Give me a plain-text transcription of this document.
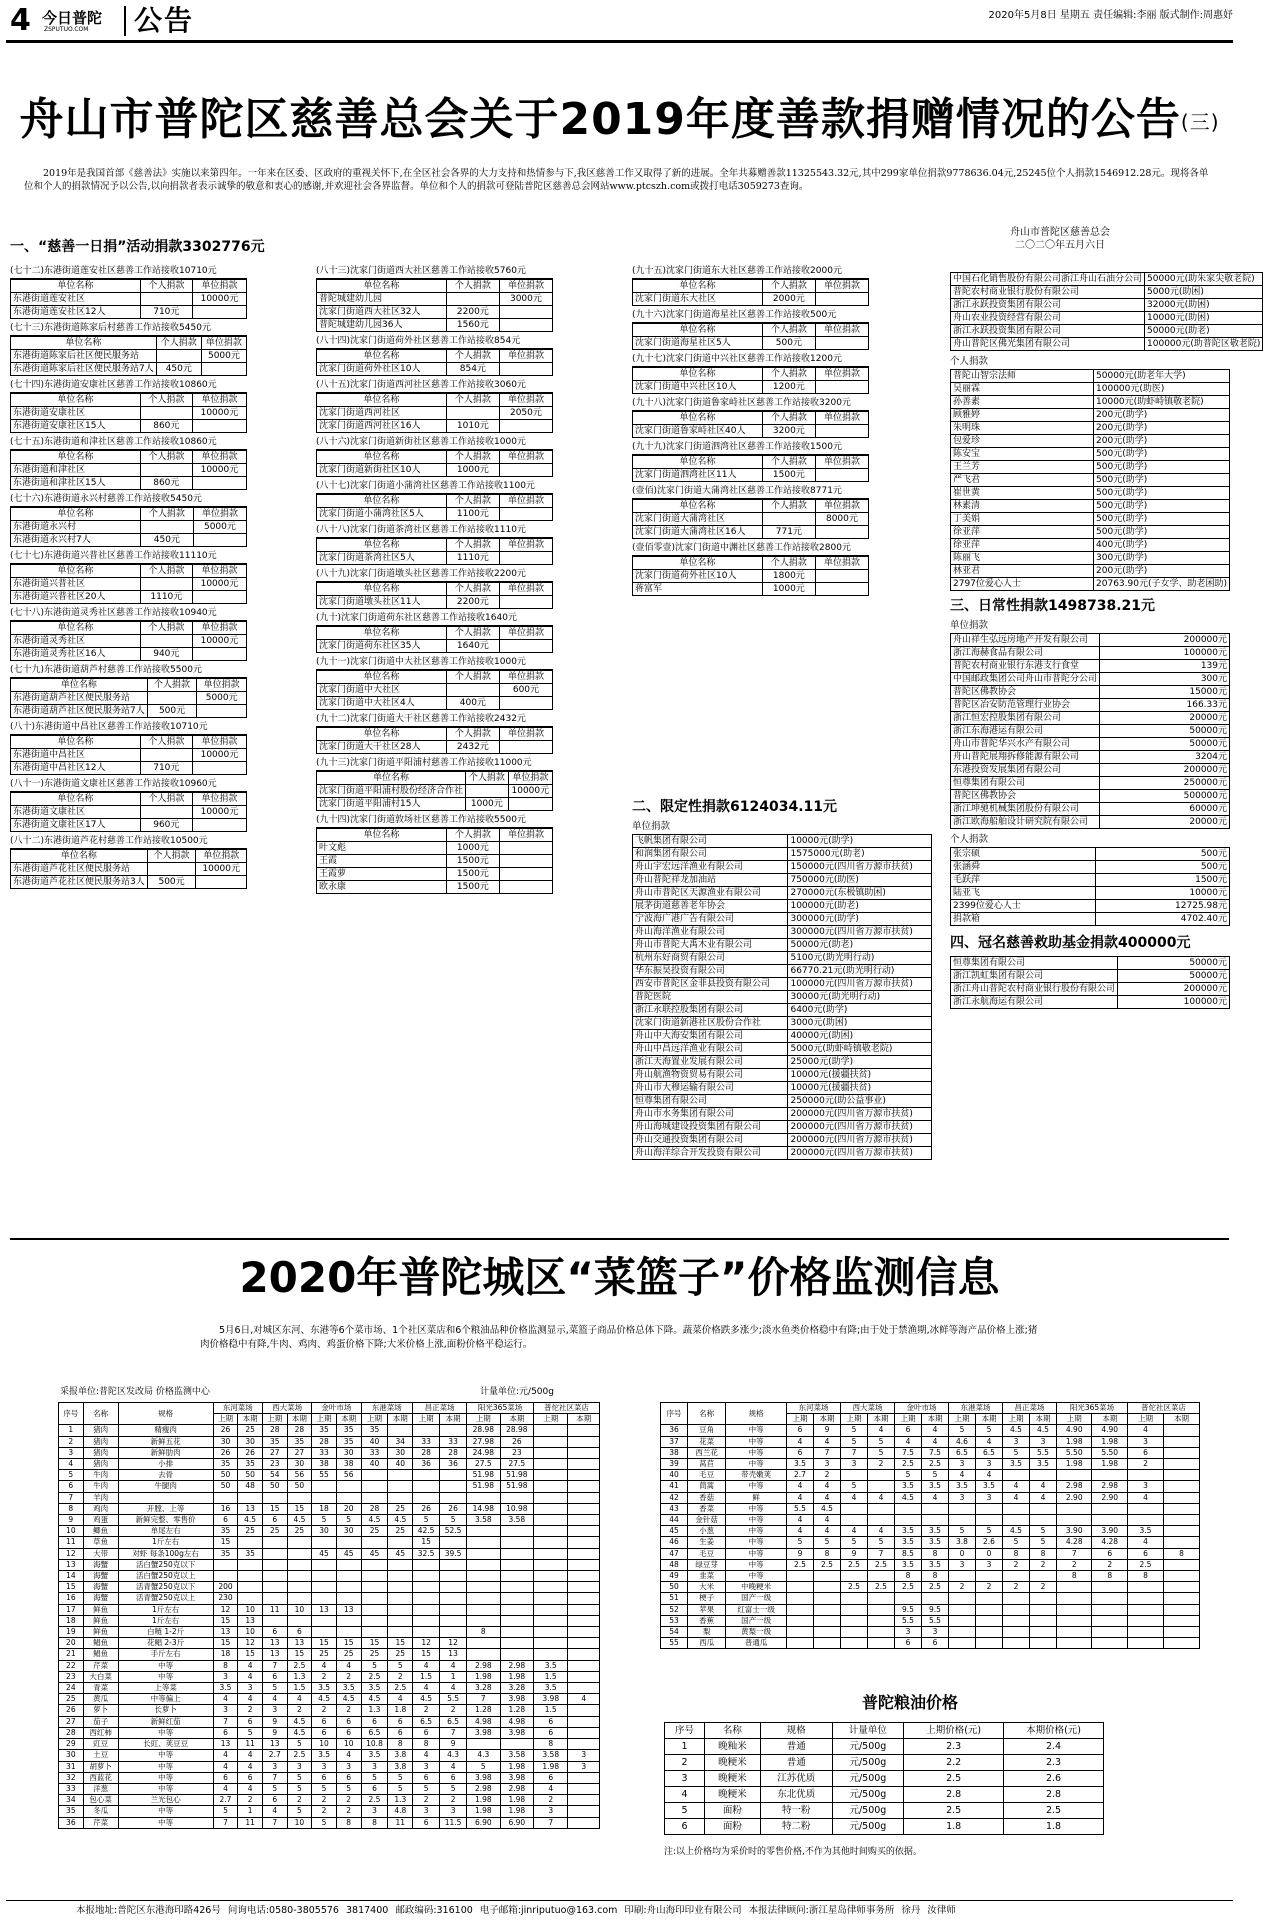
4 今日普陀
ZSPUTUO.COM 公告	2020年5月8日 星期五 责任编辑:李丽 版式制作:周惠妤
舟山市普陀区慈善总会关于2019年度善款捐赠情况的公告(三)
2019年是我国首部《慈善法》实施以来第四年。一年来在区委、区政府的重视关怀下,在全区社会各界的大力支持和热情参与下,我区慈善工作又取得了新的进展。全年共募赠善款11325543.32元,其中299家单位捐款9778636.04元,25245位个人捐款1546912.28元。现将各单位和个人的捐款情况予以公告,以向捐款者表示诚挚的敬意和衷心的感谢,并欢迎社会各界监督。单位和个人的捐款可登陆普陀区慈善总会网站www.ptcszh.com或拨打电话3059273查询。
一、“慈善一日捐”活动捐款3302776元
舟山市普陀区慈善总会
二〇二〇年五月六日
(七十二)东港街道莲安社区慈善工作站接收10710元
单位名称	个人捐款	单位捐款
东港街道莲安社区		10000元
东港街道莲安社区12人	710元	
(七十三)东港街道陈家后村慈善工作站接收5450元
单位名称	个人捐款	单位捐款
东港街道陈家后社区便民服务站		5000元
东港街道陈家后社区便民服务站7人	450元	
(七十四)东港街道安康社区慈善工作站接收10860元
单位名称	个人捐款	单位捐款
东港街道安康社区		10000元
东港街道安康社区15人	860元	
(七十五)东港街道和津社区慈善工作站接收10860元
单位名称	个人捐款	单位捐款
东港街道和津社区		10000元
东港街道和津社区15人	860元	
(七十六)东港街道永兴村慈善工作站接收5450元
单位名称	个人捐款	单位捐款
东港街道永兴村		5000元
东港街道永兴村7人	450元	
(七十七)东港街道兴普社区慈善工作站接收11110元
单位名称	个人捐款	单位捐款
东港街道兴普社区		10000元
东港街道兴普社区20人	1110元	
(七十八)东港街道灵秀社区慈善工作站接收10940元
单位名称	个人捐款	单位捐款
东港街道灵秀社区		10000元
东港街道灵秀社区16人	940元	
(七十九)东港街道葫芦村慈善工作站接收5500元
单位名称	个人捐款	单位捐款
东港街道葫芦社区便民服务站		5000元
东港街道葫芦社区便民服务站7人	500元	
(八十)东港街道中昌社区慈善工作站接收10710元
单位名称	个人捐款	单位捐款
东港街道中昌社区		10000元
东港街道中昌社区12人	710元	
(八十一)东港街道文康社区慈善工作站接收10960元
单位名称	个人捐款	单位捐款
东港街道文康社区		10000元
东港街道文康社区17人	960元	
(八十二)东港街道芦花村慈善工作站接收10500元
单位名称	个人捐款	单位捐款
东港街道芦花社区便民服务站		10000元
东港街道芦花社区便民服务站3人	500元	
(八十三)沈家门街道西大社区慈善工作站接收5760元
单位名称	个人捐款	单位捐款
普陀城建幼儿园		3000元
沈家门街道西大社区32人	2200元	
普陀城建幼儿园36人	1560元	
(八十四)沈家门街道荷外社区慈善工作站接收854元
单位名称	个人捐款	单位捐款
沈家门街道荷外社区10人	854元	
(八十五)沈家门街道西河社区慈善工作站接收3060元
单位名称	个人捐款	单位捐款
沈家门街道西河社区		2050元
沈家门街道西河社区16人	1010元	
(八十六)沈家门街道新街社区慈善工作站接收1000元
单位名称	个人捐款	单位捐款
沈家门街道新街社区10人	1000元	
(八十七)沈家门街道小蒲湾社区慈善工作站接收1100元
单位名称	个人捐款	单位捐款
沈家门街道小蒲湾社区5人	1100元	
(八十八)沈家门街道茶湾社区慈善工作站接收1110元
单位名称	个人捐款	单位捐款
沈家门街道茶湾社区5人	1110元	
(八十九)沈家门街道墩头社区慈善工作站接收2200元
单位名称	个人捐款	单位捐款
沈家门街道墩头社区11人	2200元	
(九十)沈家门街道荷东社区慈善工作站接收1640元
单位名称	个人捐款	单位捐款
沈家门街道荷东社区35人	1640元	
(九十一)沈家门街道中大社区慈善工作站接收1000元
单位名称	个人捐款	单位捐款
沈家门街道中大社区		600元
沈家门街道中大社区4人	400元	
(九十二)沈家门街道大干社区慈善工作站接收2432元
单位名称	个人捐款	单位捐款
沈家门街道大干社区28人	2432元	
(九十三)沈家门街道平阳浦村慈善工作站接收11000元
单位名称	个人捐款	单位捐款
沈家门街道平阳浦村股份经济合作社		10000元
沈家门街道平阳浦村15人	1000元	
(九十四)沈家门街道敦场社区慈善工作站接收5500元
单位名称	个人捐款	单位捐款
叶文彪	1000元	
王霞	1500元	
王霞萝	1500元	
欧永康	1500元	
(九十五)沈家门街道东大社区慈善工作站接收2000元
单位名称	个人捐款	单位捐款
沈家门街道东大社区	2000元	
(九十六)沈家门街道海星社区慈善工作站接收500元
单位名称	个人捐款	单位捐款
沈家门街道海星社区5人	500元	
(九十七)沈家门街道中兴社区慈善工作站接收1200元
单位名称	个人捐款	单位捐款
沈家门街道中兴社区10人	1200元	
(九十八)沈家门街道鲁家峙社区慈善工作站接收3200元
单位名称	个人捐款	单位捐款
沈家门街道鲁家峙社区40人	3200元	
(九十九)沈家门街道泗湾社区慈善工作站接收1500元
单位名称	个人捐款	单位捐款
沈家门街道泗湾社区11人	1500元	
(壹佰)沈家门街道大蒲湾社区慈善工作站接收8771元
单位名称	个人捐款	单位捐款
沈家门街道大蒲湾社区		8000元
沈家门街道大蒲湾社区16人	771元	
(壹佰零壹)沈家门街道中渊社区慈善工作站接收2800元
单位名称	个人捐款	单位捐款
沈家门街道荷外社区10人	1800元	
蒋富军	1000元	
二、限定性捐款6124034.11元
单位捐款
飞帆集团有限公司	10000元(助学)
和润集团有限公司	1575000元(助老)
舟山宇宏远洋渔业有限公司	150000元(四川省万源市扶贫)
舟山普陀祥龙加油站	750000元(助医)
舟山市普陀区天源渔业有限公司	270000元(东极镇助困)
展茅街道慈善老年协会	100000元(助老)
宁波海广港广告有限公司	300000元(助学)
舟山海洋渔业有限公司	300000元(四川省万源市扶贫)
舟山市普陀大禹木业有限公司	50000元(助老)
杭州东好商贸有限公司	5100元(助光明行动)
华东振昊投资有限公司	66770.21元(助光明行动)
西安市普陀区金菲县投资有限公司	100000元(四川省万源市扶贫)
普陀医院	30000元(助光明行动)
浙江永联控股集团有限公司	6400元(助学)
沈家门街道新港社区股份合作社	3000元(助困)
舟山中大海安集团有限公司	40000元(助困)
舟山中昌远洋渔业有限公司	5000元(助虾峙镇敬老院)
浙江天海置业发展有限公司	25000元(助学)
舟山航渔物资贸易有限公司	10000元(援疆扶贫)
舟山市大穆运输有限公司	10000元(援疆扶贫)
恒尊集团有限公司	250000元(助公益事业)
舟山市水务集团有限公司	200000元(四川省万源市扶贫)
舟山海城建设投资集团有限公司	200000元(四川省万源市扶贫)
舟山交通投资集团有限公司	200000元(四川省万源市扶贫)
舟山海洋综合开发投资有限公司	200000元(四川省万源市扶贫)
中国石化销售股份有限公司浙江舟山石油分公司	50000元(助朱家尖敬老院)
普陀农村商业银行股份有限公司	5000元(助困)
浙江永跃投资集团有限公司	32000元(助困)
舟山农业投资经营有限公司	10000元(助困)
浙江永跃投资集团有限公司	50000元(助老)
舟山普陀区佛光集团有限公司	100000元(助普陀区敬老院)
个人捐款
普陀山智宗法师	50000元(助老年大学)
吴丽霖	100000元(助医)
孙善素	10000元(助虾峙镇敬老院)
顾雅婷	200元(助学)
朱明珠	200元(助学)
包爱珍	200元(助学)
陈安宝	500元(助学)
王兰芳	500元(助学)
严飞君	500元(助学)
崔世黄	500元(助学)
林素清	500元(助学)
丁美娟	500元(助学)
徐亚萍	500元(助学)
徐亚萍	400元(助学)
陈丽飞	300元(助学)
林亚君	200元(助学)
2797位爱心人士	20763.90元(子女学、助老困助)
三、日常性捐款1498738.21元
单位捐款
舟山祥生弘远房地产开发有限公司	200000元
浙江海赫食品有限公司	100000元
普陀农村商业银行东港支行食堂	139元
中国邮政集团公司舟山市普陀分公司	300元
普陀区佛教协会	15000元
普陀区冶安防范管理行业协会	166.33元
浙江恒宏控股集团有限公司	20000元
浙江东海港运有限公司	50000元
舟山市普陀华兴水产有限公司	50000元
舟山普陀展翔拆修能源有限公司	3204元
东港投资发展集团有限公司	200000元
恒尊集团有限公司	250000元
普陀区佛教协会	500000元
浙江坤驰机械集团股份有限公司	60000元
浙江欧海船舶设计研究院有限公司	20000元
个人捐款
张宗硕	500元
张涵舜	500元
毛跃萍	1500元
陆亚飞	10000元
2399位爱心人士	12725.98元
捐款箱	4702.40元
四、冠名慈善救助基金捐款400000元
恒尊集团有限公司	50000元
浙江凯虹集团有限公司	50000元
浙江舟山普陀农村商业银行股份有限公司	200000元
浙江永航海运有限公司	100000元
2020年普陀城区“菜篮子”价格监测信息
5月6日,对城区东河、东港等6个菜市场、1个社区菜店和6个粮油品种价格监测显示,菜篮子商品价格总体下降。蔬菜价格跌多涨少;淡水鱼类价格稳中有降;由于处于禁渔期,冰鲜等海产品价格上涨;猪肉价格稳中有降,牛肉、鸡肉、鸡蛋价格下降;大米价格上涨,面粉价格平稳运行。
采报单位:普陀区发改局 价格监测中心	计量单位:元/500g
序号	名称	规格	东河菜场		西大菜场		金叶市场		东港菜场		昌正菜场		阳光365菜场		普佗社区菜店	
			上期	本期	上期	本期	上期	本期	上期	本期	上期	本期	上期	本期	上期	本期
1	猪肉	精瘦肉	26	25	28	28	35	35	35				28.98	28.98		
2	猪肉	新鲜五花	30	30	35	35	28	35	40	34	33	33	27.98	26		
3	猪肉	新鲜肋肉	26	26	27	27	33	30	33	30	28	28	24.98	23		
4	猪肉	小排	35	35	23	30	38	38	40	40	36	36	27.5	27.5		
5	牛肉	去骨	50	50	54	56	55	56					51.98	51.98		
6	牛肉	牛腿肉	50	48	50	50							51.98	51.98		
7	羊肉															
8	鸡肉	开膛、上等	16	13	15	15	18	20	28	25	26	26	14.98	10.98		
9	鸡蛋	新鲜完整、零售价	6	4.5	6	4.5	5	5	4.5	4.5	5	5	3.58	3.58		
10	鲫鱼	单尾左右	35	25	25	25	30	30	25	25	42.5	52.5				
11	草鱼	1斤左右	15								15					
12	大带	对虾 每条100g左右	35	35			45	45	45	45	32.5	39.5				
13	海蟹	活白蟹250克以下														
14	海蟹	活白蟹250克以上														
15	海蟹	活青蟹250克以下	200													
16	海蟹	活青蟹250克以上	230													
17	鲜鱼	1斤左右	12	10	11	10	13	13								
18	鲜鱼	1斤左右	15	13												
19	鲜鱼	白鲢 1-2斤	13	10	6	6							8			
20	鲳鱼	花鲳 2-3斤	15	12	13	13	15	15	15	15	12	12				
21	鲳鱼	手斤左右	18	15	13	15	25	25	25	25	15	13				
22	芹菜	中等	8	4	7	2.5	4	4	5	5	4	4	2.98	2.98	3.5	
23	大白菜	中等	3	4	6	1.3	2	2	2.5	2	1.5	1	1.98	1.98	1.5	
24	青菜	上等菜	3.5	3	5	1.5	3.5	3.5	3.5	2.5	4	4	3.28	3.28	3.5	
25	黄瓜	中等偏上	4	4	4	4	4.5	4.5	4.5	4	4.5	5.5	7	3.98	3.98	4
26	萝卜	长萝卜	3	2	3	2	2	2	1.3	1.8	2	2	1.28	1.28	1.5	
27	茄子	新鲜红茄	7	6	9	4.5	6	6	6	6	6.5	6.5	4.98	4.98	6	
28	西红柿	中等	6	5	9	4.5	6	6	6.5	6	6	7	3.98	3.98	6	
29	豇豆	长豇、荚豆豆	13	11	13	5	10	10	10.8	8	8	9			8	
30	土豆	中等	4	4	2.7	2.5	3.5	4	3.5	3.8	4	4.3	4.3	3.58	3.58	3
31	胡萝卜	中等	4	4	3	3	3	3	3	3.8	3	4	5	1.98	1.98	3
32	西蓝花	中等	6	6	7	5	6	6	5	5	6	6	3.98	3.98	6	
33	洋葱	中等	4	4	5	5	5	5	6	5	5	5	2.98	2.98	4	
34	包心菜	兰光包心	2.7	2	6	2	2	2	2.5	1.3	2	2	1.98	1.98	2	
35	冬瓜	中等	5	1	4	5	2	2	3	4.8	3	3	1.98	1.98	3	
36	芹菜	中等	7	11	7	10	5	8	8	11	6	11.5	6.90	6.90	7	
序号	名称	规格	东河菜场		西大菜场		金叶市场		东港菜场		昌正菜场		阳光365菜场		普佗社区菜店	
			上期	本期	上期	本期	上期	本期	上期	本期	上期	本期	上期	本期	上期	本期
36	豆角	中等	6	9	5	4	6	4	5	5	4.5	4.5	4.90	4.90	4	
37	花菜	中等	4	4	5	5	4	4	4.6	4	3	3	1.98	1.98	3	
38	西兰花	中等	6	7	7	5	7.5	7.5	6.5	6.5	5	5.5	5.50	5.50	6	
39	莴苣	中等	3.5	3	3	2	2.5	2.5	3	3	3.5	3.5	1.98	1.98	2	
40	毛豆	带壳嫩荚	2.7	2			5	5	4	4						
41	茼蒿	中等	4	4	5		3.5	3.5	3.5	3.5	4	4	2.98	2.98	3	
42	香菇	鲜	4	4	4	4	4.5	4	3	3	4	4	2.90	2.90	4	
43	香菜	中等	5.5	4.5												
44	金针菇	中等	4	4												
45	小葱	中等	4	4	4	4	3.5	3.5	5	5	4.5	5	3.90	3.90	3.5	
46	生姜	中等	5	5	5	5	3.5	3.5	3.8	2.6	5	5	4.28	4.28	4	
47	毛豆	中等	9	8	9	7	8.5	8	0	0	8	8	7	6	6	8
48	绿豆芽	中等	2.5	2.5	2.5	2.5	3.5	3.5	3	3	2	2	2	2	2.5	
49	韭菜	中等					8	8					8	8	8	
50	大米	中晚粳米			2.5	2.5	2.5	2.5	2	2	2	2				
51	梗子	国产一级														
52	苹果	红富士一级					9.5	9.5								
53	香蕉	国产一级					5.5	5.5								
54	梨	黄梨一级					3	3								
55	西瓜	普通瓜					6	6								
普陀粮油价格
序号	名称	规格	计量单位	上期价格(元)	本期价格(元)
1	晚籼米	普通	元/500g	2.3	2.4
2	晚粳米	普通	元/500g	2.2	2.3
3	晚粳米	江苏优质	元/500g	2.5	2.6
4	晚粳米	东北优质	元/500g	2.8	2.8
5	面粉	特一粉	元/500g	2.5	2.5
6	面粉	特二粉	元/500g	1.8	1.8
注:以上价格均为采价时的零售价格,不作为其他时间购买的依据。
本报地址:普陀区东港海印路426号 问询电话:0580-3805576 3817400 邮政编码:316100 电子邮箱:jinriputuo@163.com 印刷:舟山海印印业有限公司 本报法律顾问:浙江星岛律师事务所 徐丹 汝律师
